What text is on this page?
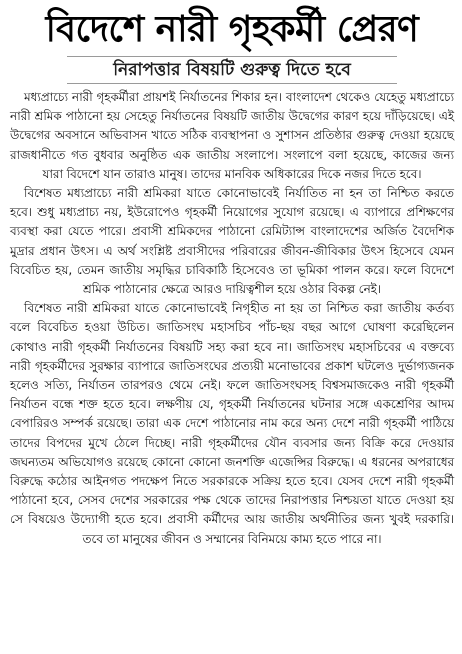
বিদেশে নারী গৃহকর্মী প্রেরণ
নিরাপত্তার বিষয়টি গুরুত্ব দিতে হবে

মধ্যপ্রাচ্যে নারী গৃহকর্মীরা প্রায়শই নির্যাতনের শিকার হন। বাংলাদেশ থেকেও যেহেতু মধ্যপ্রাচ্যে নারী শ্রমিক পাঠানো হয় সেহেতু নির্যাতনের বিষয়টি জাতীয় উদ্বেগের কারণ হয়ে দাঁড়িয়েছে। এই উদ্বেগের অবসানে অভিবাসন খাতে সঠিক ব্যবস্থাপনা ও সুশাসন প্রতিষ্ঠার গুরুত্ব দেওয়া হয়েছে রাজধানীতে গত বুধবার অনুষ্ঠিত এক জাতীয় সংলাপে। সংলাপে বলা হয়েছে, কাজের জন্য যারা বিদেশে যান তারাও মানুষ। তাদের মানবিক অধিকারের দিকে নজর দিতে হবে।

বিশেষত মধ্যপ্রাচ্যে নারী শ্রমিকরা যাতে কোনোভাবেই নির্যাতিত না হন তা নিশ্চিত করতে হবে। শুধু মধ্যপ্রাচ্য নয়, ইউরোপেও গৃহকর্মী নিয়োগের সুযোগ রয়েছে। এ ব্যাপারে প্রশিক্ষণের ব্যবস্থা করা যেতে পারে। প্রবাসী শ্রমিকদের পাঠানো রেমিট্যান্স বাংলাদেশের অর্জিত বৈদেশিক মুদ্রার প্রধান উৎস। এ অর্থ সংশ্লিষ্ট প্রবাসীদের পরিবারের জীবন-জীবিকার উৎস হিসেবে যেমন বিবেচিত হয়, তেমন জাতীয় সমৃদ্ধির চাবিকাঠি হিসেবেও তা ভূমিকা পালন করে। ফলে বিদেশে শ্রমিক পাঠানোর ক্ষেত্রে আরও দায়িত্বশীল হয়ে ওঠার বিকল্প নেই।

বিশেষত নারী শ্রমিকরা যাতে কোনোভাবেই নিগৃহীত না হয় তা নিশ্চিত করা জাতীয় কর্তব্য বলে বিবেচিত হওয়া উচিত। জাতিসংঘ মহাসচিব পাঁচ-ছয় বছর আগে ঘোষণা করেছিলেন কোথাও নারী গৃহকর্মী নির্যাতনের বিষয়টি সহ্য করা হবে না। জাতিসংঘ মহাসচিবের এ বক্তব্যে নারী গৃহকর্মীদের সুরক্ষার ব্যাপারে জাতিসংঘের প্রত্যয়ী মনোভাবের প্রকাশ ঘটলেও দুর্ভাগ্যজনক হলেও সত্যি, নির্যাতন তারপরও থেমে নেই। ফলে জাতিসংঘসহ বিশ্বসমাজকেও নারী গৃহকর্মী নির্যাতন বন্ধে শক্ত হতে হবে। লক্ষণীয় যে, গৃহকর্মী নির্যাতনের ঘটনার সঙ্গে একশ্রেণির আদম বেপারিরও সম্পর্ক রয়েছে। তারা এক দেশে পাঠানোর নাম করে অন্য দেশে নারী গৃহকর্মী পাঠিয়ে তাদের বিপদের মুখে ঠেলে দিচ্ছে। নারী গৃহকর্মীদের যৌন ব্যবসার জন্য বিক্রি করে দেওয়ার জঘন্যতম অভিযোগও রয়েছে কোনো কোনো জনশক্তি এজেন্সির বিরুদ্ধে। এ ধরনের অপরাধের বিরুদ্ধে কঠোর আইনগত পদক্ষেপ নিতে সরকারকে সক্রিয় হতে হবে। যেসব দেশে নারী গৃহকর্মী পাঠানো হবে, সেসব দেশের সরকারের পক্ষ থেকে তাদের নিরাপত্তার নিশ্চয়তা যাতে দেওয়া হয় সে বিষয়েও উদ্যোগী হতে হবে। প্রবাসী কর্মীদের আয় জাতীয় অর্থনীতির জন্য খুবই দরকারি। তবে তা মানুষের জীবন ও সম্মানের বিনিময়ে কাম্য হতে পারে না।
